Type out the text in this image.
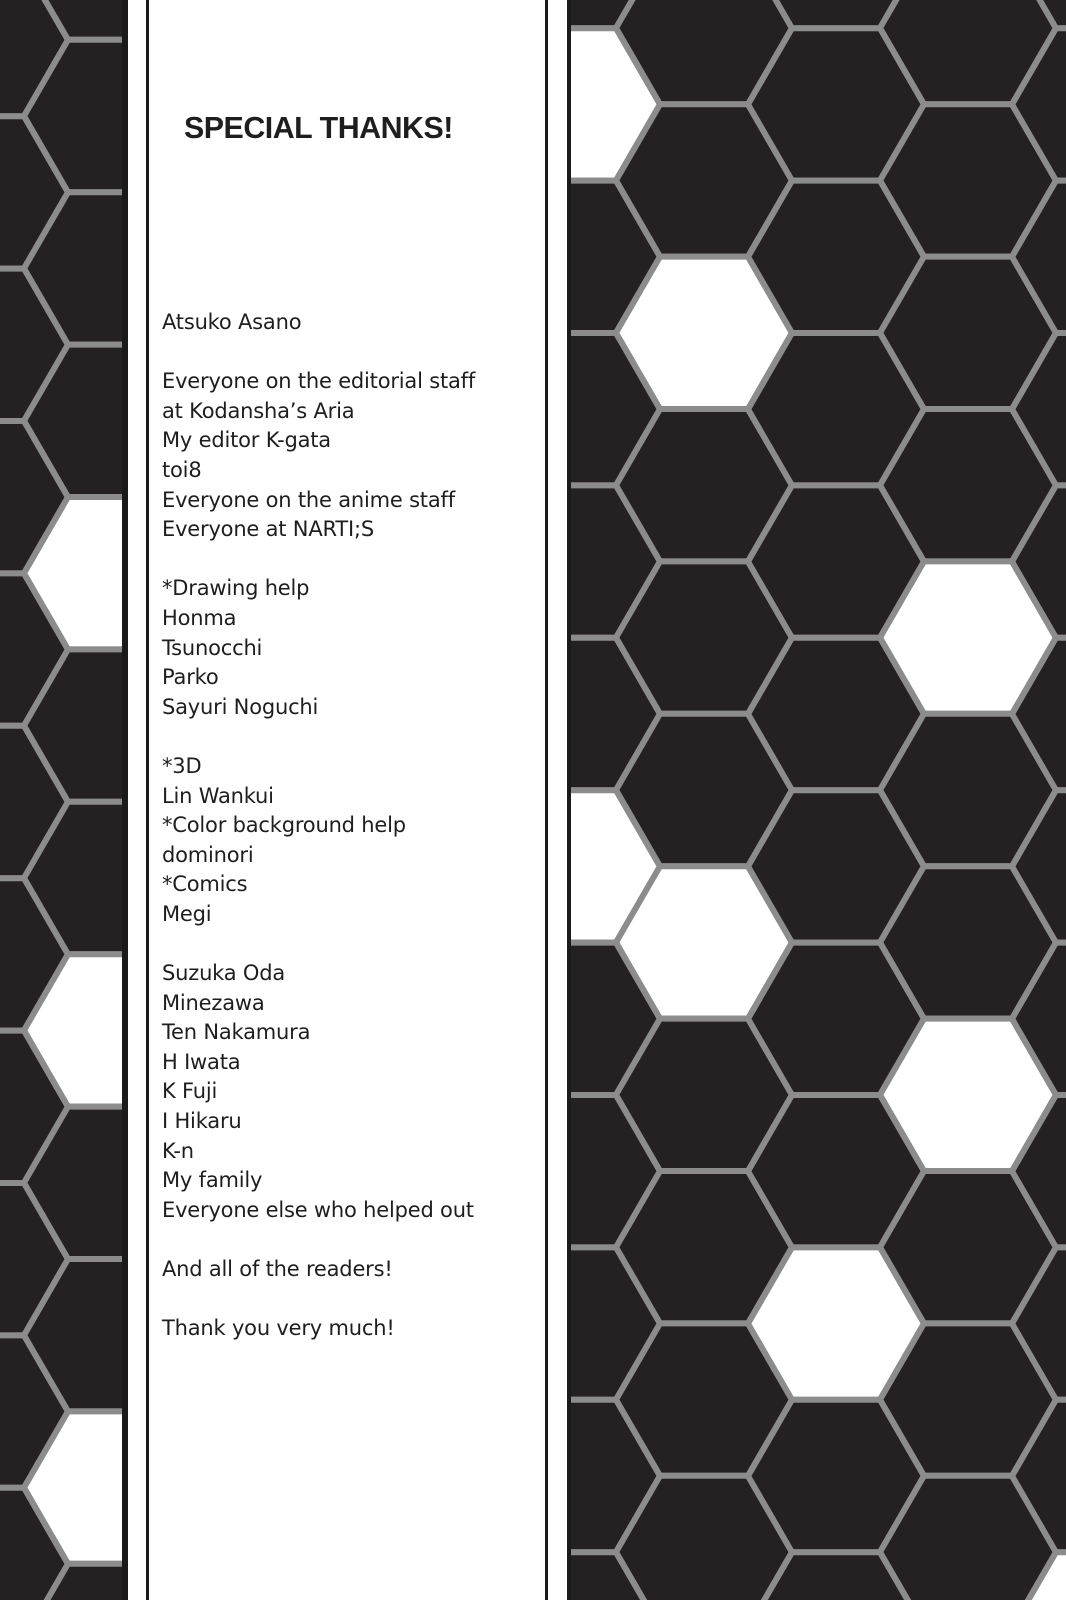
SPECIAL THANKS!
Atsuko Asano
Everyone on the editorial staff
at Kodansha’s Aria
My editor K-gata
toi8
Everyone on the anime staff
Everyone at NARTI;S
*Drawing help
Honma
Tsunocchi
Parko
Sayuri Noguchi
*3D
Lin Wankui
*Color background help
dominori
*Comics
Megi
Suzuka Oda
Minezawa
Ten Nakamura
H Iwata
K Fuji
I Hikaru
K-n
My family
Everyone else who helped out
And all of the readers!
Thank you very much!
